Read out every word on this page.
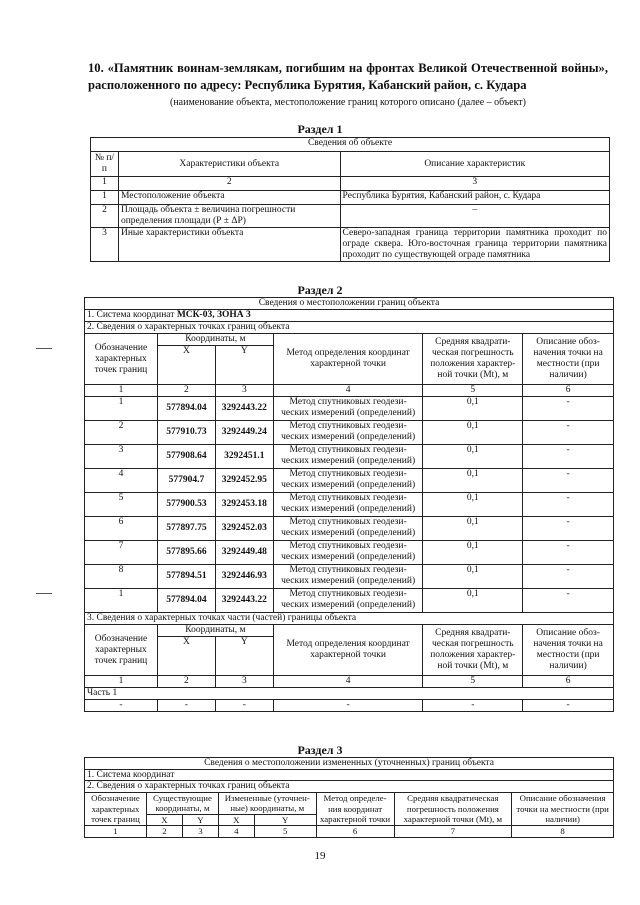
10. «Памятник воинам-землякам, погибшим на фронтах Великой Отечественной войны», расположенного по адресу: Республика Бурятия, Кабанский район, с. Кудара
(наименование объекта, местоположение границ которого описано (далее – объект)
Раздел 1
Сведения об объекте		
№ п/п	Характеристики объекта	Описание характеристик
1	2	3
1	Местоположение объекта	Республика Бурятия, Кабанский район, с. Кудара
2	Площадь объекта ± величина погрешности определения площади (Р ± ΔР)	–
3	Иные характеристики объекта	Северо-западная граница территории памятника проходит по ограде сквера. Юго-восточная граница территории памятника проходит по существующей ограде памятника
Раздел 2
Сведения о местоположении границ объекта					
1. Система координат МСК-03, ЗОНА 3					
2. Сведения о характерных точках границ объекта					
Обозначение характерных точек границ	Координаты, м		Метод определения координат характерной точки	Средняя квадрати-ческая погрешность положения характер-ной точки (Mt), м	Описание обоз-начения точки на местности (при наличии)
	X	Y			
1	2	3	4	5	6
1	577894.04	3292443.22	Метод спутниковых геодези-ческих измерений (определений)	0,1	-
2	577910.73	3292449.24	Метод спутниковых геодези-ческих измерений (определений)	0,1	-
3	577908.64	3292451.1	Метод спутниковых геодези-ческих измерений (определений)	0,1	-
4	577904.7	3292452.95	Метод спутниковых геодези-ческих измерений (определений)	0,1	-
5	577900.53	3292453.18	Метод спутниковых геодези-ческих измерений (определений)	0,1	-
6	577897.75	3292452.03	Метод спутниковых геодези-ческих измерений (определений)	0,1	-
7	577895.66	3292449.48	Метод спутниковых геодези-ческих измерений (определений)	0,1	-
8	577894.51	3292446.93	Метод спутниковых геодези-ческих измерений (определений)	0,1	-
1	577894.04	3292443.22	Метод спутниковых геодези-ческих измерений (определений)	0,1	-
3. Сведения о характерных точках части (частей) границы объекта					
Обозначение характерных точек границ	Координаты, м		Метод определения координат характерной точки	Средняя квадрати-ческая погрешность положения характер-ной точки (Mt), м	Описание обоз-начения точки на местности (при наличии)
	X	Y			
1	2	3	4	5	6
Часть 1					
-	-	-	-	-	-
Раздел 3
Сведения о местоположении измененных (уточненных) границ объекта							
1. Система координат							
2. Сведения о характерных точках границ объекта							
Обозначение характерных точек границ	Существующие координаты, м		Измененные (уточнен-ные) координаты, м		Метод определе-ния координат характерной точки	Средняя квадратическая погрешность положения характерной точки (Mt), м	Описание обозначения точки на местности (при наличии)
	X	Y	X	Y			
1	2	3	4	5	6	7	8
19
